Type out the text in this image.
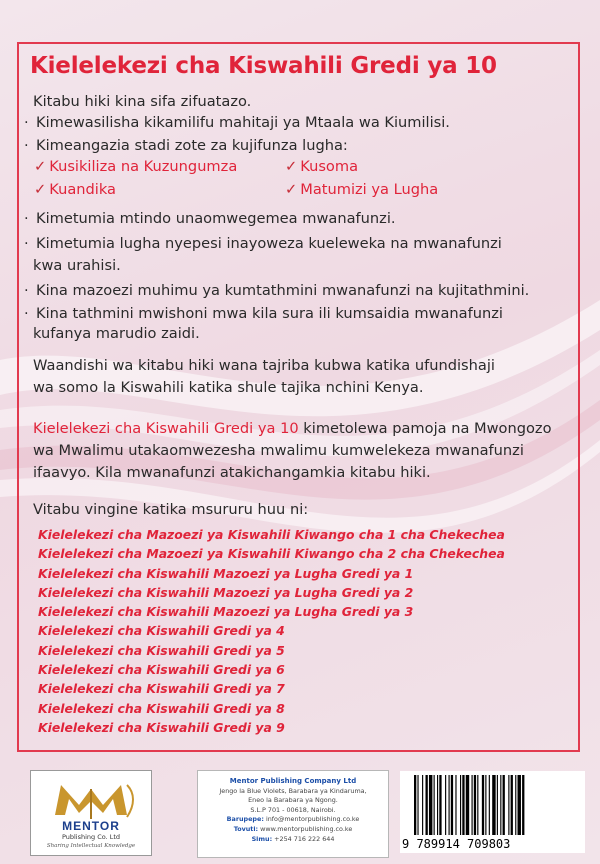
Kielelekezi cha Kiswahili Gredi ya 10
Kitabu hiki kina sifa zifuatazo.
· Kimewasilisha kikamilifu mahitaji ya Mtaala wa Kiumilisi.
· Kimeangazia stadi zote za kujifunza lugha:
✓ Kusikiliza na Kuzungumza	✓ Kusoma
✓ Kuandika	✓ Matumizi ya Lugha
· Kimetumia mtindo unaomwegemea mwanafunzi.
· Kimetumia lugha nyepesi inayoweza kueleweka na mwanafunzi
kwa urahisi.
· Kina mazoezi muhimu ya kumtathmini mwanafunzi na kujitathmini.
· Kina tathmini mwishoni mwa kila sura ili kumsaidia mwanafunzi
kufanya marudio zaidi.
Waandishi wa kitabu hiki wana tajriba kubwa katika ufundishaji
wa somo la Kiswahili katika shule tajika nchini Kenya.
Kielelekezi cha Kiswahili Gredi ya 10 kimetolewa pamoja na Mwongozo
wa Mwalimu utakaomwezesha mwalimu kumwelekeza mwanafunzi
ifaavyo. Kila mwanafunzi atakichangamkia kitabu hiki.
Vitabu vingine katika msururu huu ni:
Kielelekezi cha Mazoezi ya Kiswahili Kiwango cha 1 cha Chekechea
Kielelekezi cha Mazoezi ya Kiswahili Kiwango cha 2 cha Chekechea
Kielelekezi cha Kiswahili Mazoezi ya Lugha Gredi ya 1
Kielelekezi cha Kiswahili Mazoezi ya Lugha Gredi ya 2
Kielelekezi cha Kiswahili Mazoezi ya Lugha Gredi ya 3
Kielelekezi cha Kiswahili Gredi ya 4
Kielelekezi cha Kiswahili Gredi ya 5
Kielelekezi cha Kiswahili Gredi ya 6
Kielelekezi cha Kiswahili Gredi ya 7
Kielelekezi cha Kiswahili Gredi ya 8
Kielelekezi cha Kiswahili Gredi ya 9
MENTOR
Publishing Co. Ltd
Sharing Intellectual Knowledge
Mentor Publishing Company Ltd
Jengo la Blue Violets, Barabara ya Kindaruma,
Eneo la Barabara ya Ngong.
S.L.P 701 - 00618, Nairobi.
Barupepe: info@mentorpublishing.co.ke
Tovuti: www.mentorpublishing.co.ke
Simu: +254 716 222 644	9 789914 709803
